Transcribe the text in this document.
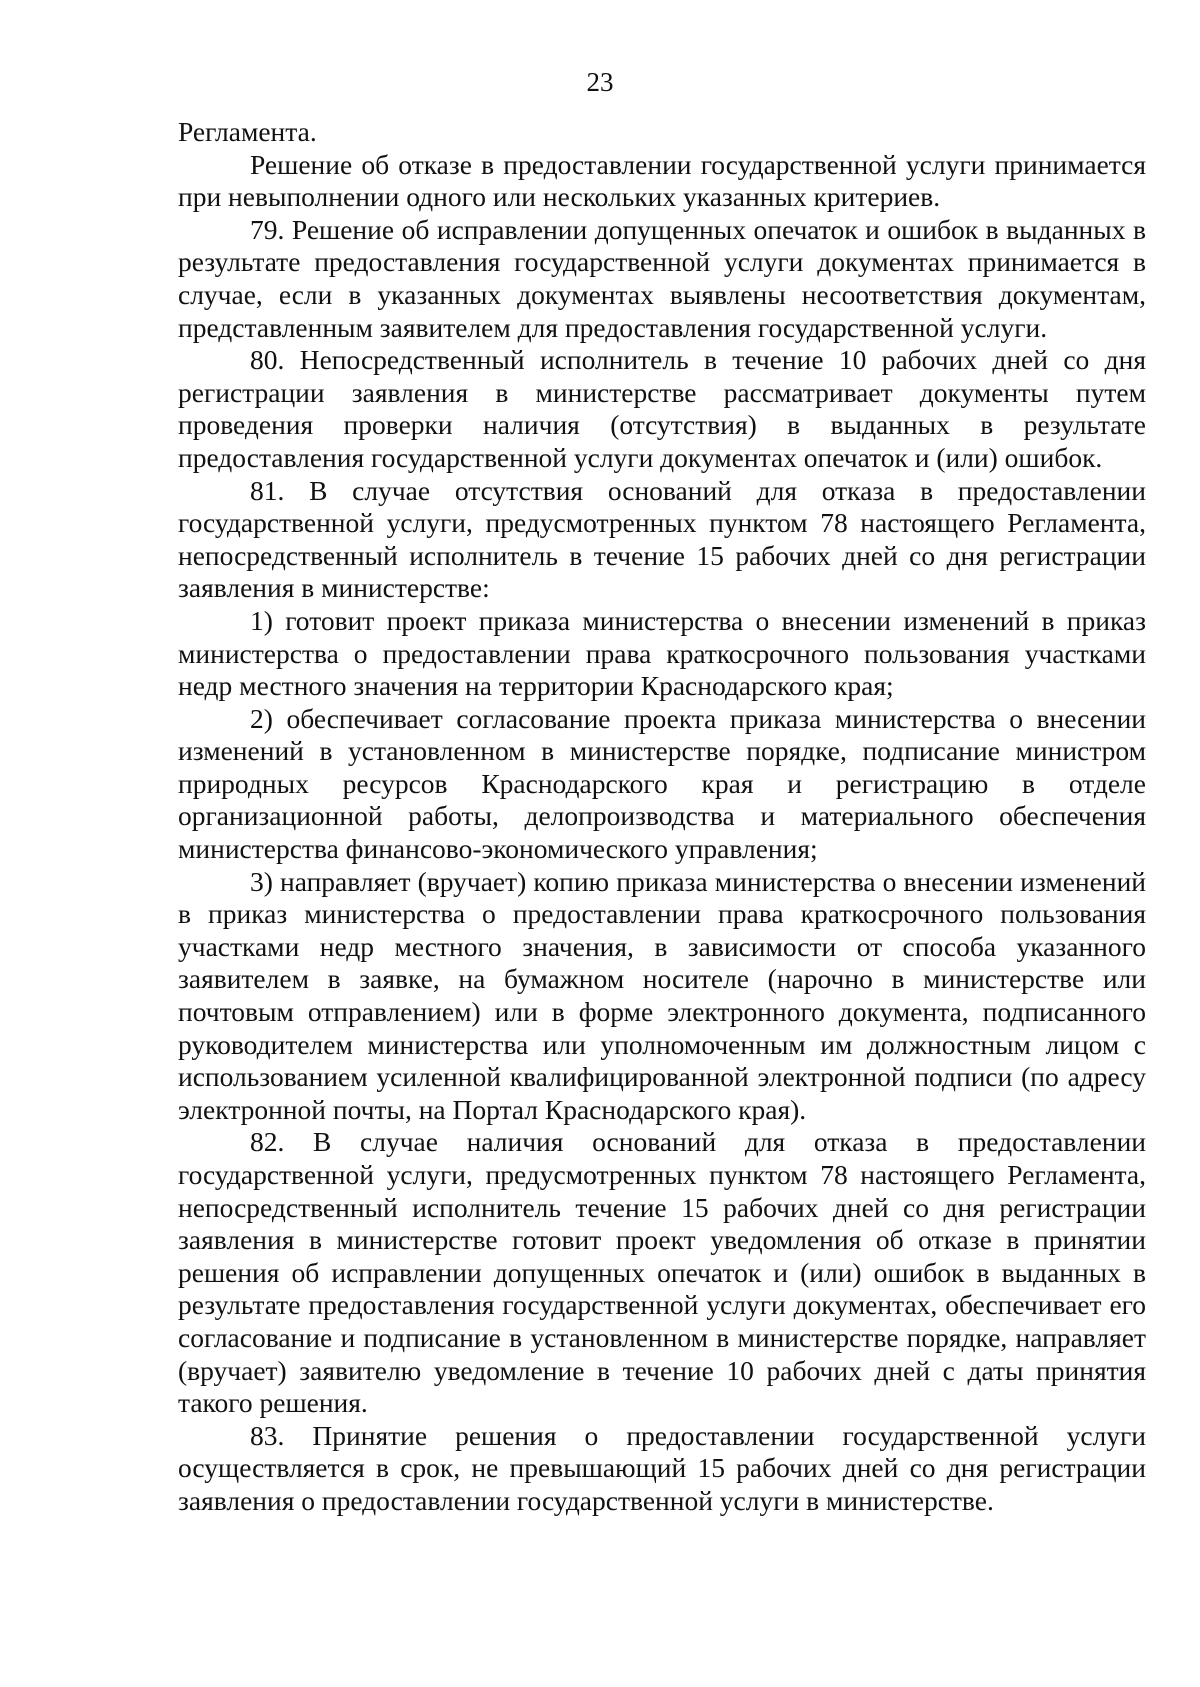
23

Регламента.

Решение об отказе в предоставлении государственной услуги принимается при невыполнении одного или нескольких указанных критериев.

79. Решение об исправлении допущенных опечаток и ошибок в выданных в результате предоставления государственной услуги документах принимается в случае, если в указанных документах выявлены несоответствия документам, представленным заявителем для предоставления государственной услуги.

80. Непосредственный исполнитель в течение 10 рабочих дней со дня регистрации заявления в министерстве рассматривает документы путем проведения проверки наличия (отсутствия) в выданных в результате предоставления государственной услуги документах опечаток и (или) ошибок.

81. В случае отсутствия оснований для отказа в предоставлении государственной услуги, предусмотренных пунктом 78 настоящего Регламента, непосредственный исполнитель в течение 15 рабочих дней со дня регистрации заявления в министерстве:

1) готовит проект приказа министерства о внесении изменений в приказ министерства о предоставлении права краткосрочного пользования участками недр местного значения на территории Краснодарского края;

2) обеспечивает согласование проекта приказа министерства о внесении изменений в установленном в министерстве порядке, подписание министром природных ресурсов Краснодарского края и регистрацию в отделе организационной работы, делопроизводства и материального обеспечения министерства финансово-экономического управления;

3) направляет (вручает) копию приказа министерства о внесении изменений в приказ министерства о предоставлении права краткосрочного пользования участками недр местного значения, в зависимости от способа указанного заявителем в заявке, на бумажном носителе (нарочно в министерстве или почтовым отправлением) или в форме электронного документа, подписанного руководителем министерства или уполномоченным им должностным лицом с использованием усиленной квалифицированной электронной подписи (по адресу электронной почты, на Портал Краснодарского края).

82. В случае наличия оснований для отказа в предоставлении государственной услуги, предусмотренных пунктом 78 настоящего Регламента, непосредственный исполнитель течение 15 рабочих дней со дня регистрации заявления в министерстве готовит проект уведомления об отказе в принятии решения об исправлении допущенных опечаток и (или) ошибок в выданных в результате предоставления государственной услуги документах, обеспечивает его согласование и подписание в установленном в министерстве порядке, направляет (вручает) заявителю уведомление в течение 10 рабочих дней с даты принятия такого решения.

83. Принятие решения о предоставлении государственной услуги осуществляется в срок, не превышающий 15 рабочих дней со дня регистрации заявления о предоставлении государственной услуги в министерстве.
